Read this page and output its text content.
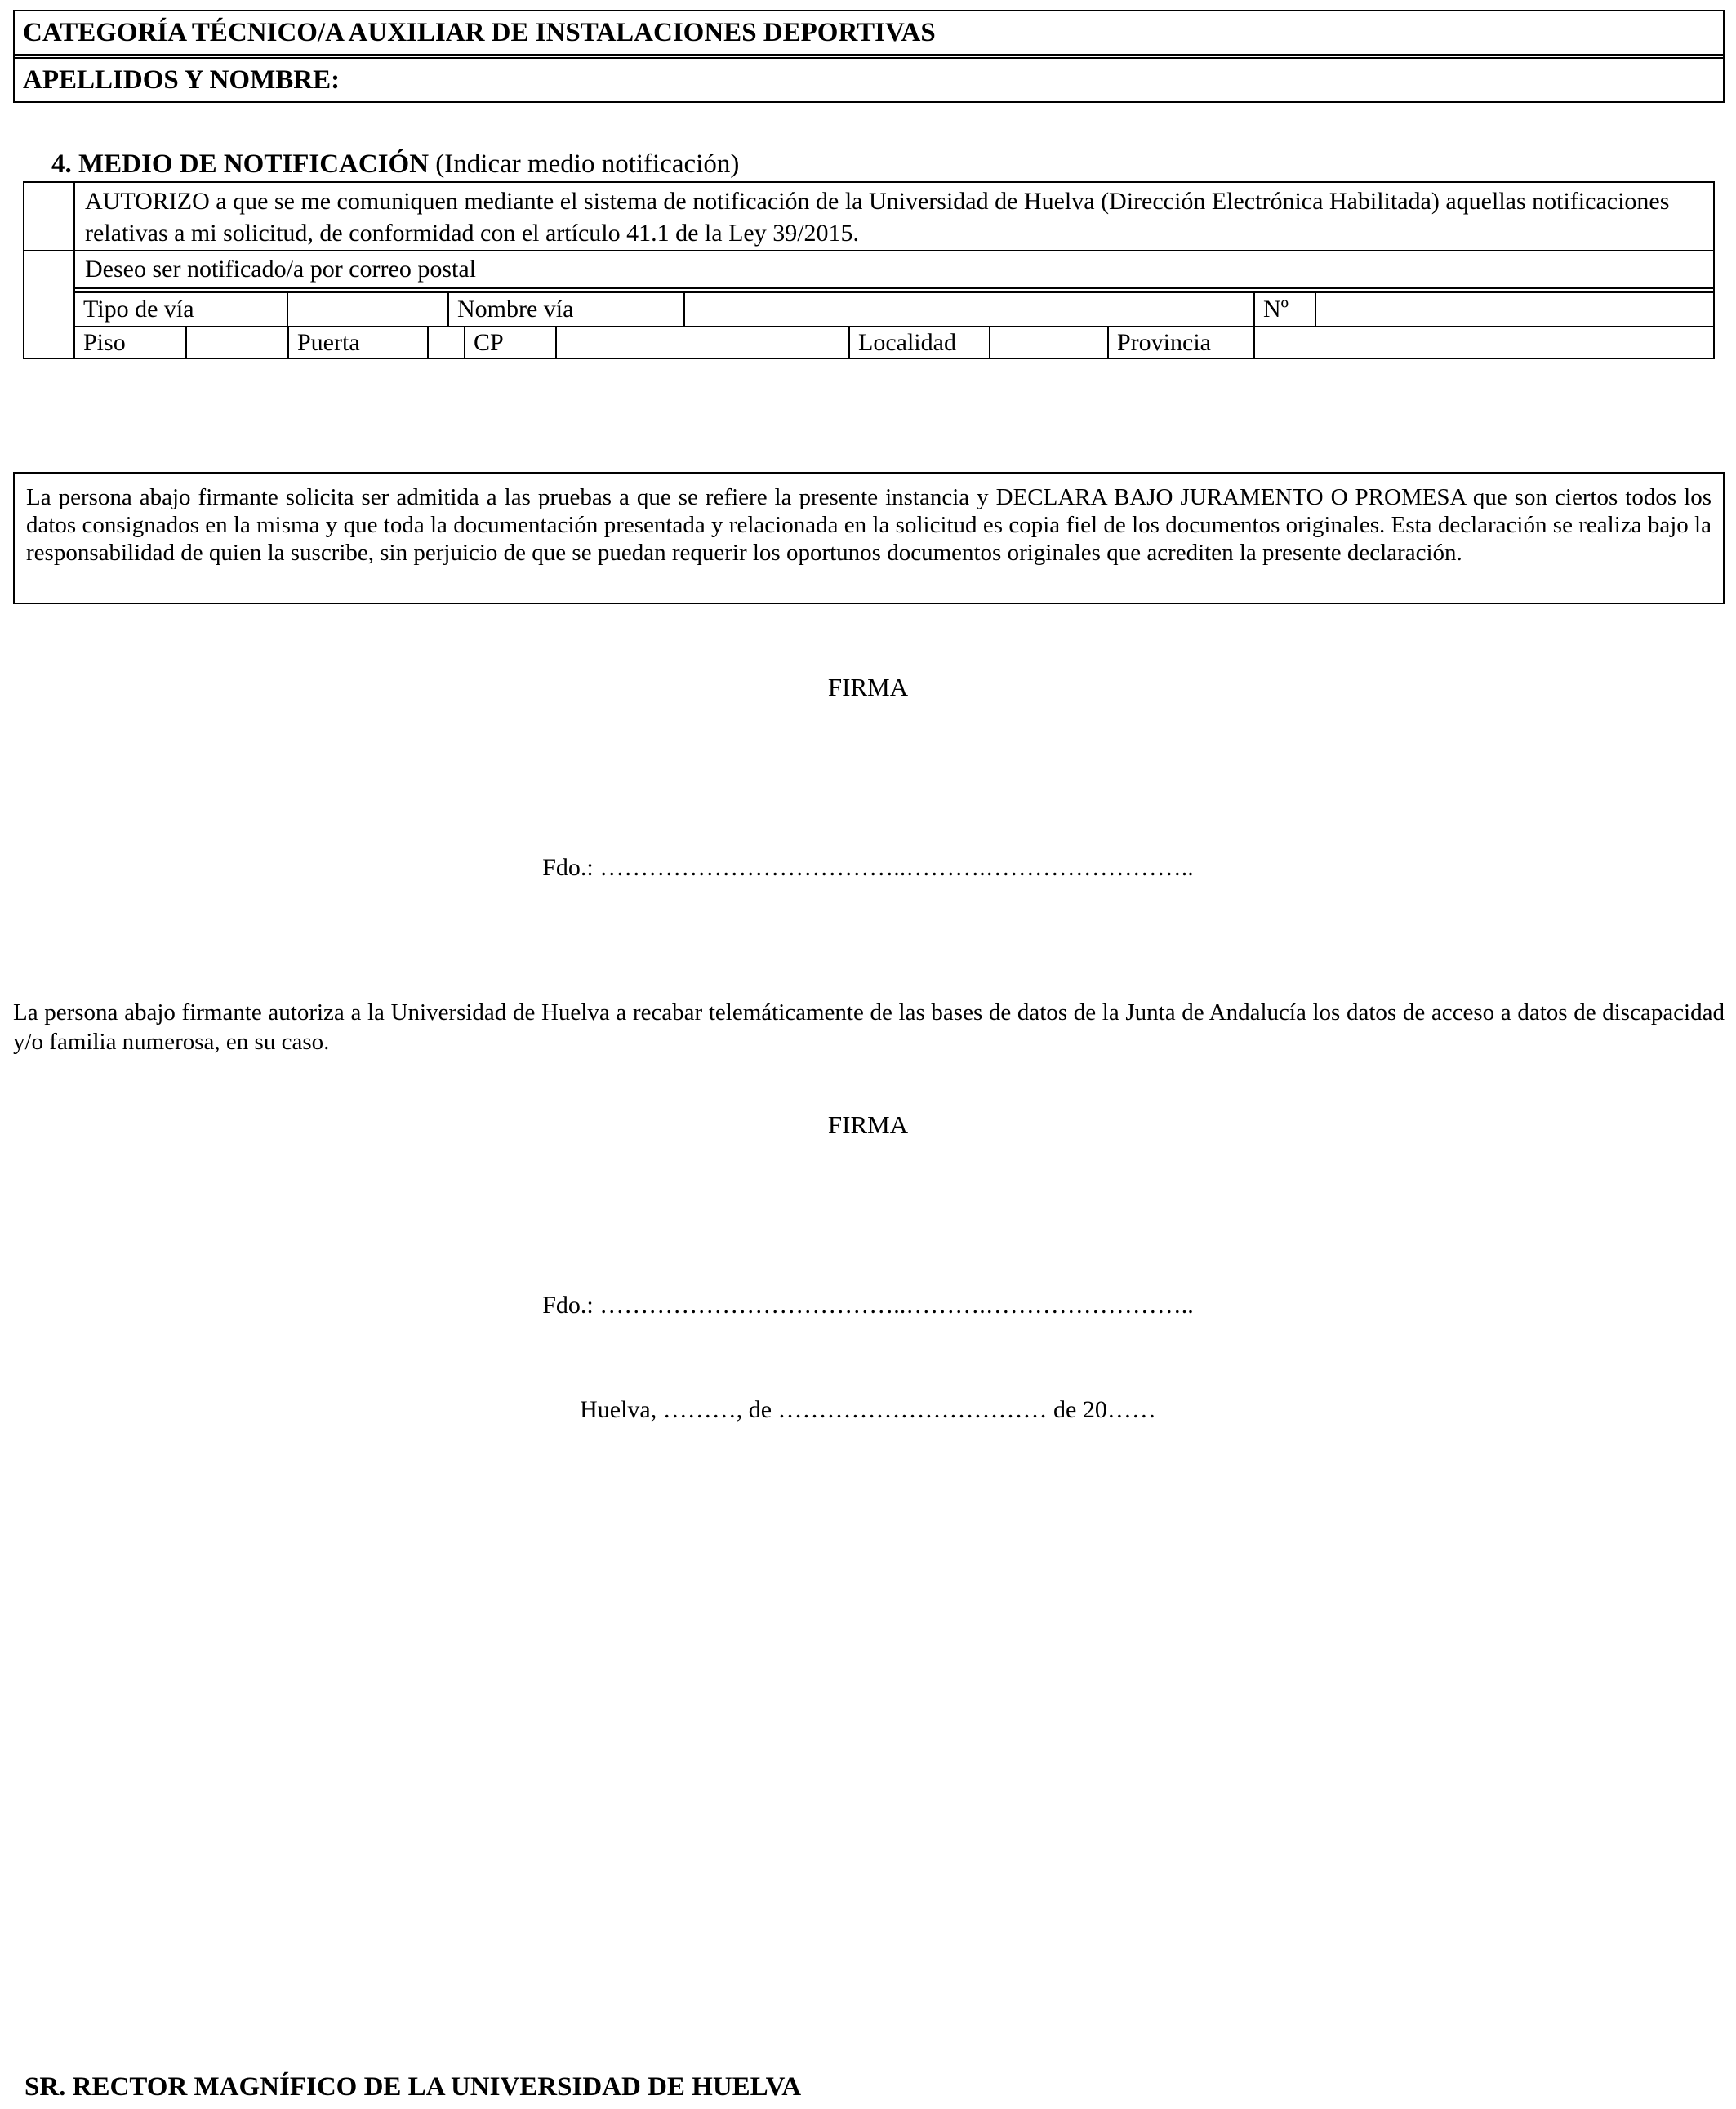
CATEGORÍA TÉCNICO/A AUXILIAR DE INSTALACIONES DEPORTIVAS
APELLIDOS Y NOMBRE:

4. MEDIO DE NOTIFICACIÓN (Indicar medio notificación)

AUTORIZO a que se me comuniquen mediante el sistema de notificación de la Universidad de Huelva (Dirección Electrónica Habilitada) aquellas notificaciones relativas a mi solicitud, de conformidad con el artículo 41.1 de la Ley 39/2015.
Deseo ser notificado/a por correo postal
Tipo de vía	Nombre vía	Nº
Piso	Puerta	CP	Localidad	Provincia
La persona abajo firmante solicita ser admitida a las pruebas a que se refiere la presente instancia y DECLARA BAJO JURAMENTO O PROMESA que son ciertos todos los datos consignados en la misma y que toda la documentación presentada y relacionada en la solicitud es copia fiel de los documentos originales. Esta declaración se realiza bajo la responsabilidad de quien la suscribe, sin perjuicio de que se puedan requerir los oportunos documentos originales que acrediten la presente declaración.
FIRMA
Fdo.: ………………………………..……….……………………..
La persona abajo firmante autoriza a la Universidad de Huelva a recabar telemáticamente de las bases de datos de la Junta de Andalucía los datos de acceso a datos de discapacidad y/o familia numerosa, en su caso.
FIRMA
Fdo.: ………………………………..……….……………………..
Huelva, ………, de …………………………… de 20……
SR. RECTOR MAGNÍFICO DE LA UNIVERSIDAD DE HUELVA
